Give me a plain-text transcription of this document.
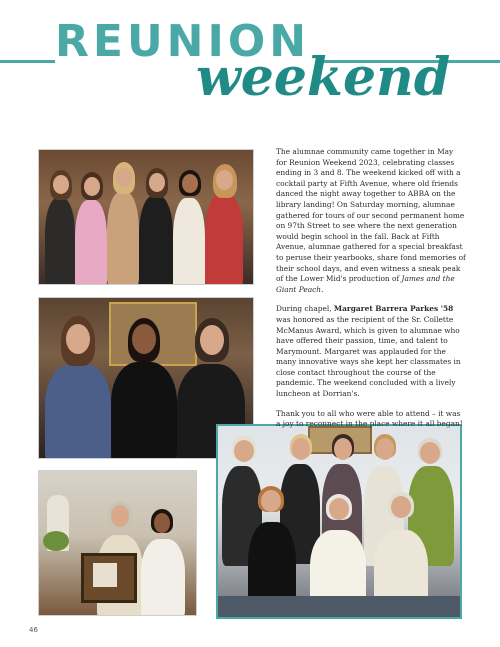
REUNION
weekend

The alumnae community came together in May for Reunion Weekend 2023, celebrating classes ending in 3 and 8. The weekend kicked off with a cocktail party at Fifth Avenue, where old friends danced the night away together to ABBA on the library landing! On Saturday morning, alumnae gathered for tours of our second permanent home on 97th Street to see where the next generation would begin school in the fall. Back at Fifth Avenue, alumnae gathered for a special breakfast to peruse their yearbooks, share fond memories of their school days, and even witness a sneak peak of the Lower Mid's production of James and the Giant Peach.

During chapel, Margaret Barrera Parkes '58 was honored as the recipient of the Sr. Collette McManus Award, which is given to alumnae who have offered their passion, time, and talent to Marymount. Margaret was applauded for the many innovative ways she kept her classmates in close contact throughout the course of the pandemic. The weekend concluded with a lively luncheon at Dorrian's.

Thank you to all who were able to attend – it was a joy to reconnect in the place where it all began!

46
